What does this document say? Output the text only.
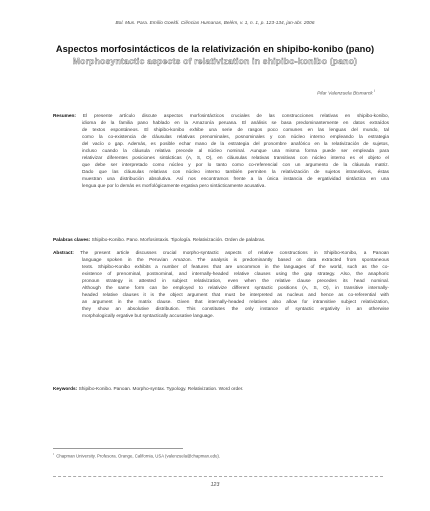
Bol. Mus. Para. Emílio Goeldi. Ciências Humanas, Belém, v. 1, n. 1, p. 123-134, jan-abr. 2006
Aspectos morfosintácticos de la relativización en shipibo-konibo (pano)
Morphosyntactic aspects of relativization in shipibo-konibo (pano)
Pilar Valenzuela Bismarck $^I$
Resumen: El presente artículo discute aspectos morfosintácticos cruciales de las construcciones relativas en shipibo-konibo,
idioma de la familia pano hablado en la Amazonía peruana. El análisis se basa predominantemente en datos extraídos
de textos espontáneos. El shipibo-konibo exhibe una serie de rasgos poco comunes en las lenguas del mundo, tal
como la co-existencia de cláusulas relativas prenominales, posnominales y con núcleo interno empleando la estrategia
del vacío o gap. Además, es posible echar mano de la estrategia del pronombre anafórico en la relativización de sujetos,
incluso cuando la cláusula relativa precede al núcleo nominal. Aunque una misma forma puede ser empleada para
relativizar diferentes posiciones sintácticas (A, S, O), en cláusulas relativas transitivas con núcleo interno es el objeto el
que debe ser interpretado como núcleo y por lo tanto como co-referencial con un argumento de la cláusula matriz.
Dado que las cláusulas relativas con núcleo interno también permiten la relativización de sujetos intransitivos, éstas
muestran una distribución absolutiva. Así nos encontramos frente a la única instancia de ergatividad sintáctica en una
lengua que por lo demás es morfológicamente ergativa pero sintácticamente acusativa.
Palabras claves: Shipibo-Konibo. Pano. Morfosintaxis. Tipología. Relativización. Orden de palabras.
Abstract: The present article discusses crucial morpho-syntactic aspects of relative constructions in Shipibo-Konibo, a Panoan
language spoken in the Peruvian Amazon. The analysis is predominantly based on data extracted from spontaneous
texts. Shipibo-Konibo exhibits a number of features that are uncommon in the languages of the world, such as the co-
existence of prenominal, postnominal, and internally-headed relative clauses using the gap strategy. Also, the anaphoric
pronoun strategy is attested in subject relativization, even when the relative clause precedes its head nominal.
Although the same form can be employed to relativize different syntactic positions (A, S, O), in transitive internally-
headed relative clauses it is the object argument that must be interpreted as nucleus and hence as co-referential with
an argument in the matrix clause. Given that internally-headed relatives also allow for intransitive subject relativization,
they show an absolutive distribution. This constitutes the only instance of syntactic ergativity in an otherwise
morphologically ergative but syntactically accusative language.
Keywords: Shipibo-Konibo. Panoan. Morpho-syntax. Typology. Relativization. Word order.
$^I$ Chapman University. Profesora. Orange, California, USA (valenzuela@chapman.edu).
123
